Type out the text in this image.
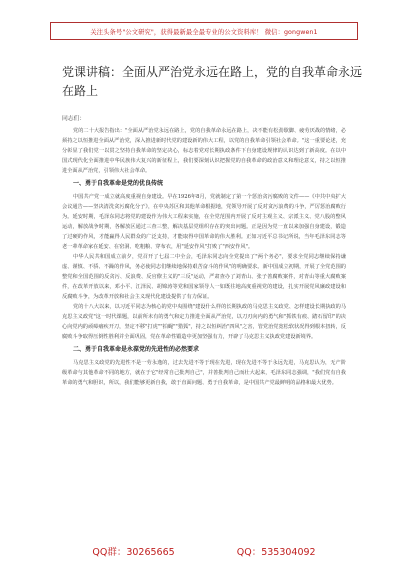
关注头条号"公文研究"，获得最新最全最专业的公文资料库！ 微信：gongwen1
党课讲稿：全面从严治党永远在路上，党的自我革命永远在路上
同志们：

党的二十大报告指出："全面从严治党永远在路上，党的自我革命永远在路上，决不能有松劲歇脚、疲劳厌战的情绪，必须持之以恒推进全面从严治党，深入推进新时代党的建设新的伟大工程，以党的自我革命引领社会革命。"这一重要论述，充分彰显了我们党一以贯之坚持自我革命的坚定决心，标志着党对长期执政条件下自身建设规律的认识达到了新高度。在以中国式现代化全面推进中华民族伟大复兴的新征程上，我们要深刻认识把握党的自我革命的政治意义和理论意义，持之以恒推进全面从严治党，引领伟大社会革命。

一、勇于自我革命是党的优良传统

中国共产党一成立就高度重视自身建设。早在1926年8月，党就制定了第一个惩治贪污腐败的文件——《中共中央扩大会议通告——坚决清洗贪污腐化分子》，在中央苏区和其他革命根据地，党领导开展了反对贪污浪费的斗争，严厉惩治腐败行为。延安时期，毛泽东同志将党的建设作为伟大工程来实施，在全党范围内开展了反对主观主义、宗派主义、党八股的整风运动，解放战争时期，各解放区通过三查三整，解决基层党组织存在的突出问题。正是因为党一直以来加强自身建设，锻造了过硬的作风，才能赢得人民群众的广泛支持，才能取得中国革命的伟大胜利。正如习近平总书记所说，当年毛泽东同志等老一辈革命家在延安、在窑洞、吃粗粮、穿布衣，用"延安作风"打败了"西安作风"。

中华人民共和国成立前夕，党召开了七届二中全会，毛泽东同志向全党提出了"两个务必"，要求全党同志继续保持谦虚、谨慎、不骄、不躁的作风，务必使同志们继续地保持艰苦奋斗的作风"的明确要求。新中国成立初期，开展了全党范围的整党和全国范围的反贪污、反浪费、反官僚主义的"三反"运动，严肃查办了刘青山、张子善腐败案件，对青山等重大腐败案件，在改革开放以来，邓小平、江泽民、胡锦涛等党和国家领导人一如既往地高度重视党的建设，扎实开展党风廉政建设和反腐败斗争，为改革开放和社会主义现代化建设提供了有力保证。

党的十八大以来，以习近平同志为核心的党中央围绕"建设什么样的长期执政的马克思主义政党、怎样建设长期执政的马克思主义政党"这一时代课题，以前所未有的勇气和定力推进全面从严治党，以刀刃向内的勇气和"抓铁有痕、踏石留印"的决心向党内的顽瘴痼疾开刀，坚定不移"打虎""拍蝇""猎狐"，持之以恒纠治"四风"之害，管党治党宽松软状况得到根本扭转，反腐败斗争取得压倒性胜利并全面巩固，党在革命性锻造中更加坚强有力，开辟了马克思主义执政党建设新境界。

二、勇于自我革命是永葆党的先进性的必然要求

马克思主义政党的先进性不是一劳永逸的，过去先进不等于现在先进，现在先进不等于永远先进，马克思认为，无产阶级革命与其他革命不同的地方，就在于它"经常自己批判自己"，并善批判自己而壮大起来，毛泽东同志强调，"我们党有自我革命的勇气和胆识，所以，我们能够更新自我，敢于直面问题、勇于自我革命，是中国共产党最鲜明的品格和最大优势。

QQ群：30265665	QQ：535304092
